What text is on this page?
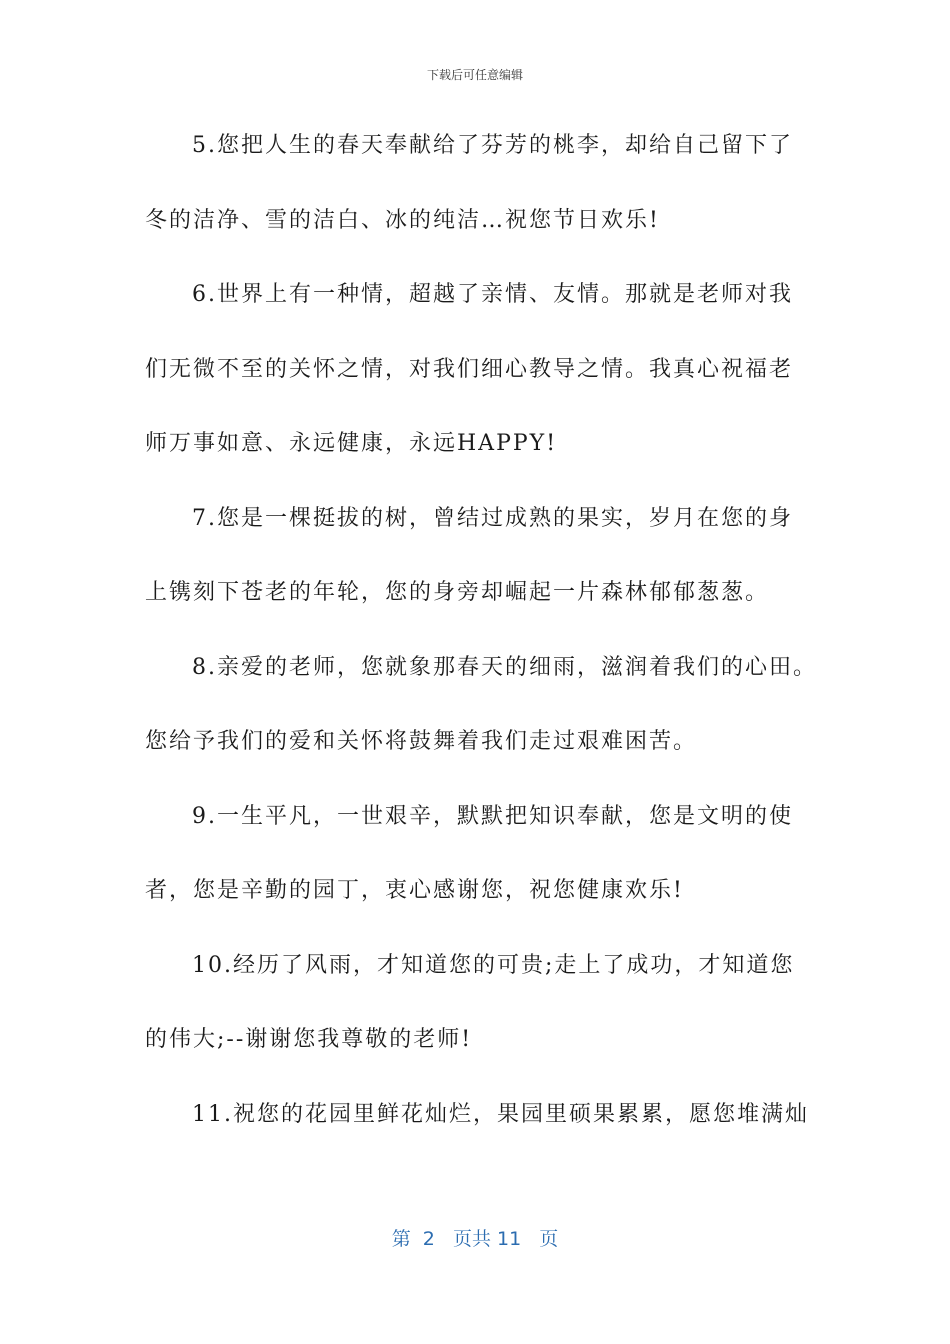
下载后可任意编辑
5.您把人生的春天奉献给了芬芳的桃李，却给自己留下了
冬的洁净、雪的洁白、冰的纯洁…祝您节日欢乐!
6.世界上有一种情，超越了亲情、友情。那就是老师对我
们无微不至的关怀之情，对我们细心教导之情。我真心祝福老
师万事如意、永远健康，永远HAPPY!
7.您是一棵挺拔的树，曾结过成熟的果实，岁月在您的身
上镌刻下苍老的年轮，您的身旁却崛起一片森林郁郁葱葱。
8.亲爱的老师，您就象那春天的细雨，滋润着我们的心田。
您给予我们的爱和关怀将鼓舞着我们走过艰难困苦。
9.一生平凡，一世艰辛，默默把知识奉献，您是文明的使
者，您是辛勤的园丁，衷心感谢您，祝您健康欢乐!
10.经历了风雨，才知道您的可贵;走上了成功，才知道您
的伟大;--谢谢您我尊敬的老师!
11.祝您的花园里鲜花灿烂，果园里硕果累累，愿您堆满灿
第  2   页共 11   页
